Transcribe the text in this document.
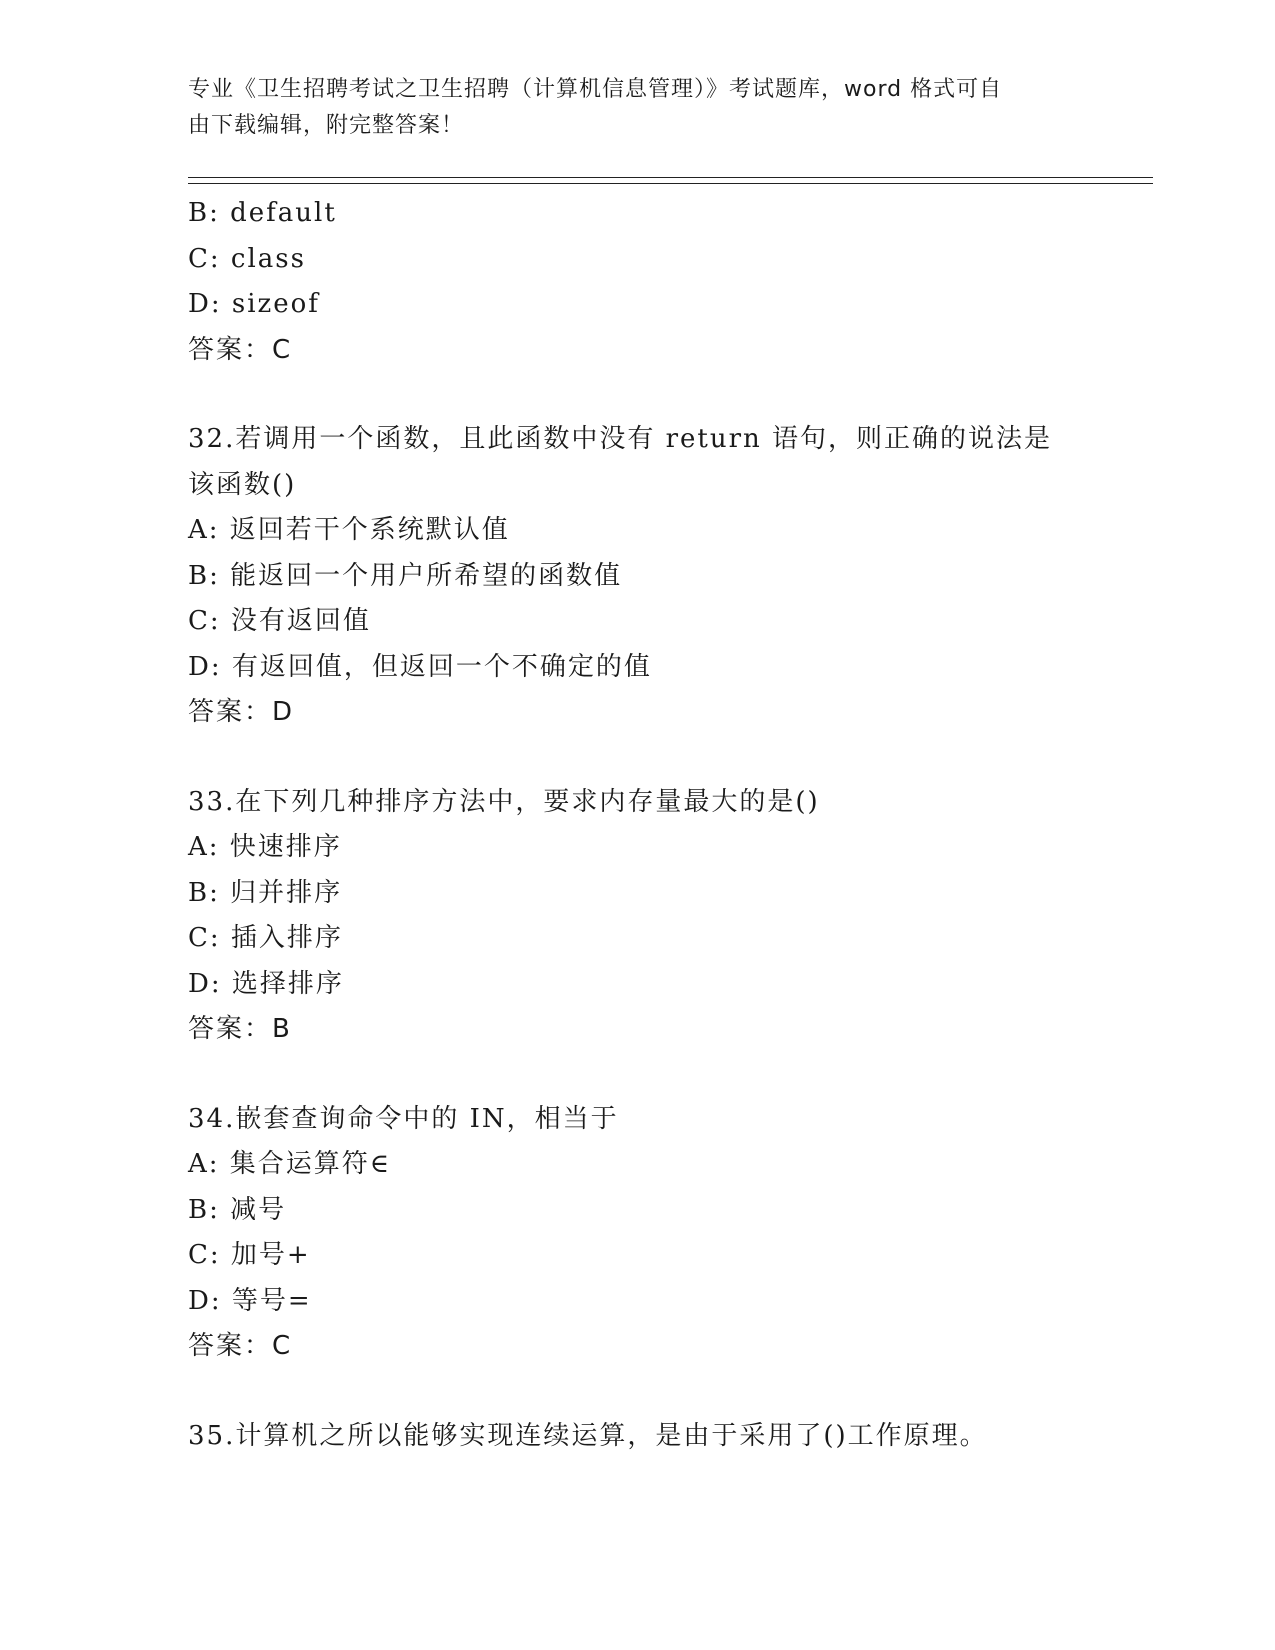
专业《卫生招聘考试之卫生招聘（计算机信息管理）》考试题库，word 格式可自
由下载编辑，附完整答案！
B: default
C: class
D: sizeof
答案：C
32.若调用一个函数，且此函数中没有 return 语句，则正确的说法是
该函数()
A: 返回若干个系统默认值
B: 能返回一个用户所希望的函数值
C: 没有返回值
D: 有返回值，但返回一个不确定的值
答案：D
33.在下列几种排序方法中，要求内存量最大的是()
A: 快速排序
B: 归并排序
C: 插入排序
D: 选择排序
答案：B
34.嵌套查询命令中的 IN，相当于
A: 集合运算符∈
B: 减号
C: 加号+
D: 等号=
答案：C
35.计算机之所以能够实现连续运算，是由于采用了()工作原理。
